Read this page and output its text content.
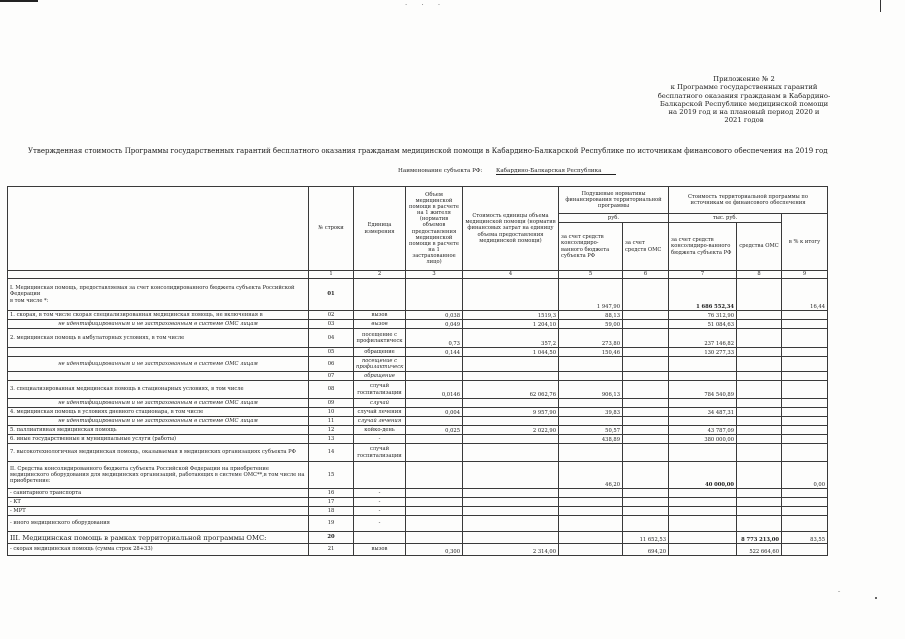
· · ·
Приложение № 2
к Программе государственных гарантий
бесплатного оказания гражданам в Кабардино-
Балкарской Республике медицинской помощи
на 2019 год и на плановый период 2020 и
2021 годов
Утвержденная стоимость Программы государственных гарантий бесплатного оказания гражданам медицинской помощи в Кабардино-Балкарской Республике по источникам финансового обеспечения на 2019 год
Наименование субъекта РФ: Кабардино-Балкарская Республика
	№ строки	Единица измерения	Объем медицинской помощи в расчете на 1 жителя (норматив объемов предоставления медицинской помощи в расчете на 1 застрахованное лицо)	Стоимость единицы объема медицинской помощи (норматив финансовых затрат на единицу объема предоставления медицинской помощи)	Подушевые нормативы финансирования территориальной программы		Стоимость территориальной программы по источникам ее финансового обеспечения		
					руб.		тыс. руб.		в % к итогу
					за счет средств консолидиро-ванного бюджета субъекта РФ	за счет средств ОМС	за счет средств консолидиро-ванного бюджета субъекта РФ	средства ОМС	
	1	2	3	4	5	6	7	8	9
I. Медицинская помощь, предоставляемая за счет консолидированного бюджета субъекта Российской Федерации
в том числе *:	01				1 947,90		1 686 552,34		16,44
1. скорая, в том числе скорая специализированная медицинская помощь, не включенная в	02	вызов	0,038	1519,3	88,13		76 312,90		
не идентифицированным и не застрахованным в системе ОМС лицам	03	вызов	0,049	1 204,10	59,00		51 084,63		
2. медицинская помощь в амбулаторных условиях, в том числе	04	посещение с профилактическ	0,73	357,2	273,80		237 146,82		
	05	обращение	0,144	1 044,50	150,46		130 277,33		
не идентифицированным и не застрахованным в системе ОМС лицам	06	посещение с профилактическ							
	07	обращение							
3. специализированная медицинская помощь в стационарных условиях, в том числе	08	случай госпитализации	0,0146	62 062,76	906,13		784 540,89		
не идентифицированным и не застрахованным в системе ОМС лицам	09	случай							
4. медицинская помощь в условиях дневного стационара, в том числе	10	случай лечения	0,004	9 957,90	39,83		34 487,31		
не идентифицированным и не застрахованным в системе ОМС лицам	11	случай лечения							
5. паллиативная медицинская помощь	12	койко-день	0,025	2 022,90	50,57		43 787,09		
6. иные государственные и муниципальные услуги (работы)	13	-			438,89		380 000,00		
7. высокотехнологичная медицинская помощь, оказываемая в медицинских организациях субъекта РФ	14	случай госпитализации							
II. Средства консолидированного бюджета субъекта Российской Федерации на приобретение медицинского оборудования для медицинских организаций, работающих в системе ОМС**,в том числе на приобретение:	15				46,20		40 000,00		0,00
- санитарного транспорта	16	-							
- КТ	17	-							
- МРТ	18	-							
- иного медицинского оборудования	19	-							
III. Медицинская помощь в рамках территориальной программы ОМС:	20					11 652,53		8 773 213,00	83,55
- скорая медицинская помощь (сумма строк 28+33)	21	вызов	0,300	2 314,00		694,20		522 664,60	
ᵔ
